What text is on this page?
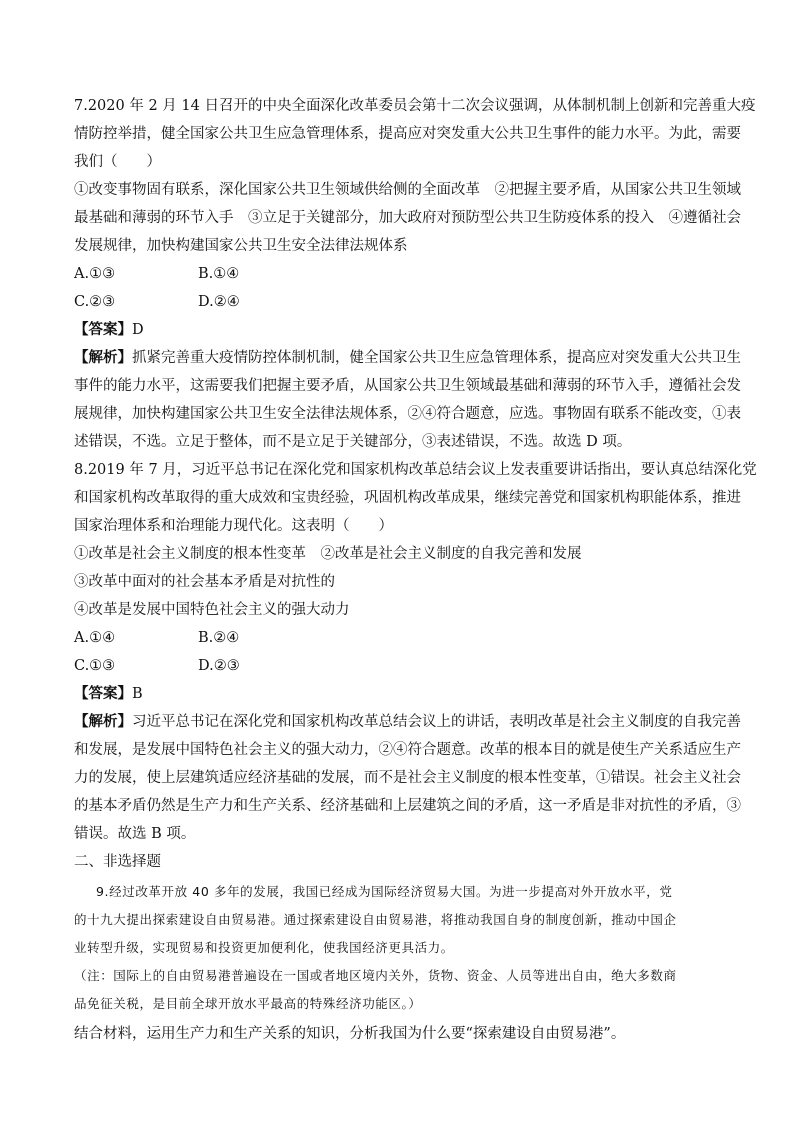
7.2020 年 2 月 14 日召开的中央全面深化改革委员会第十二次会议强调，从体制机制上创新和完善重大疫
情防控举措，健全国家公共卫生应急管理体系，提高应对突发重大公共卫生事件的能力水平。为此，需要
我们（　　）
①改变事物固有联系，深化国家公共卫生领域供给侧的全面改革　②把握主要矛盾，从国家公共卫生领域
最基础和薄弱的环节入手　③立足于关键部分，加大政府对预防型公共卫生防疫体系的投入　④遵循社会
发展规律，加快构建国家公共卫生安全法律法规体系
A.①③	B.①④
C.②③	D.②④
【答案】D
【解析】抓紧完善重大疫情防控体制机制，健全国家公共卫生应急管理体系，提高应对突发重大公共卫生
事件的能力水平，这需要我们把握主要矛盾，从国家公共卫生领域最基础和薄弱的环节入手，遵循社会发
展规律，加快构建国家公共卫生安全法律法规体系，②④符合题意，应选。事物固有联系不能改变，①表
述错误，不选。立足于整体，而不是立足于关键部分，③表述错误，不选。故选 D 项。
8.2019 年 7 月，习近平总书记在深化党和国家机构改革总结会议上发表重要讲话指出，要认真总结深化党
和国家机构改革取得的重大成效和宝贵经验，巩固机构改革成果，继续完善党和国家机构职能体系，推进
国家治理体系和治理能力现代化。这表明（　　）
①改革是社会主义制度的根本性变革　②改革是社会主义制度的自我完善和发展
③改革中面对的社会基本矛盾是对抗性的
④改革是发展中国特色社会主义的强大动力
A.①④	B.②④
C.①③	D.②③
【答案】B
【解析】习近平总书记在深化党和国家机构改革总结会议上的讲话，表明改革是社会主义制度的自我完善
和发展，是发展中国特色社会主义的强大动力，②④符合题意。改革的根本目的就是使生产关系适应生产
力的发展，使上层建筑适应经济基础的发展，而不是社会主义制度的根本性变革，①错误。社会主义社会
的基本矛盾仍然是生产力和生产关系、经济基础和上层建筑之间的矛盾，这一矛盾是非对抗性的矛盾，③
错误。故选 B 项。
二、非选择题
9.经过改革开放 40 多年的发展，我国已经成为国际经济贸易大国。为进一步提高对外开放水平，党
的十九大提出探索建设自由贸易港。通过探索建设自由贸易港，将推动我国自身的制度创新，推动中国企
业转型升级，实现贸易和投资更加便利化，使我国经济更具活力。
（注：国际上的自由贸易港普遍设在一国或者地区境内关外，货物、资金、人员等进出自由，绝大多数商
品免征关税，是目前全球开放水平最高的特殊经济功能区。）
结合材料，运用生产力和生产关系的知识，分析我国为什么要“探索建设自由贸易港”。
